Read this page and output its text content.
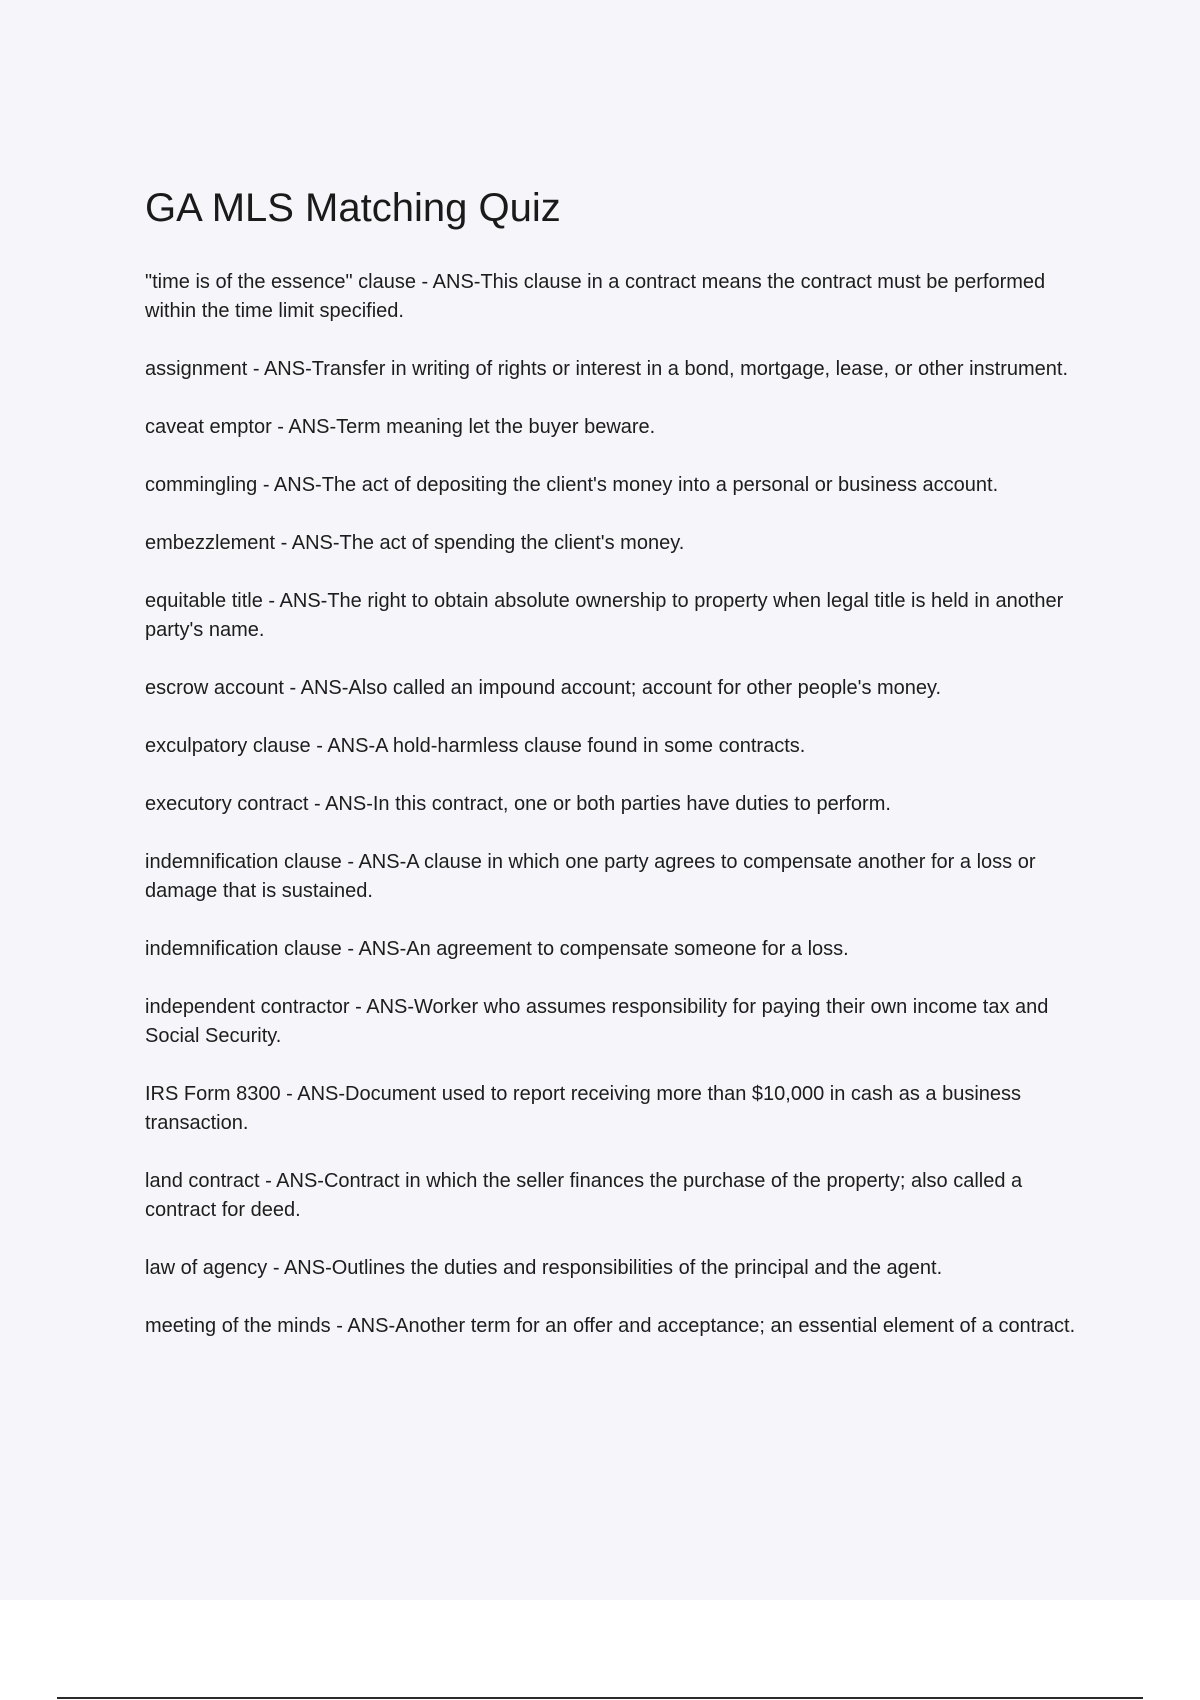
GA MLS Matching Quiz
"time is of the essence" clause - ANS-This clause in a contract means the contract must be performed within the time limit specified.
assignment - ANS-Transfer in writing of rights or interest in a bond, mortgage, lease, or other instrument.
caveat emptor - ANS-Term meaning let the buyer beware.
commingling - ANS-The act of depositing the client's money into a personal or business account.
embezzlement - ANS-The act of spending the client's money.
equitable title - ANS-The right to obtain absolute ownership to property when legal title is held in another party's name.
escrow account - ANS-Also called an impound account; account for other people's money.
exculpatory clause - ANS-A hold-harmless clause found in some contracts.
executory contract - ANS-In this contract, one or both parties have duties to perform.
indemnification clause - ANS-A clause in which one party agrees to compensate another for a loss or damage that is sustained.
indemnification clause - ANS-An agreement to compensate someone for a loss.
independent contractor - ANS-Worker who assumes responsibility for paying their own income tax and Social Security.
IRS Form 8300 - ANS-Document used to report receiving more than $10,000 in cash as a business transaction.
land contract - ANS-Contract in which the seller finances the purchase of the property; also called a contract for deed.
law of agency - ANS-Outlines the duties and responsibilities of the principal and the agent.
meeting of the minds - ANS-Another term for an offer and acceptance; an essential element of a contract.
